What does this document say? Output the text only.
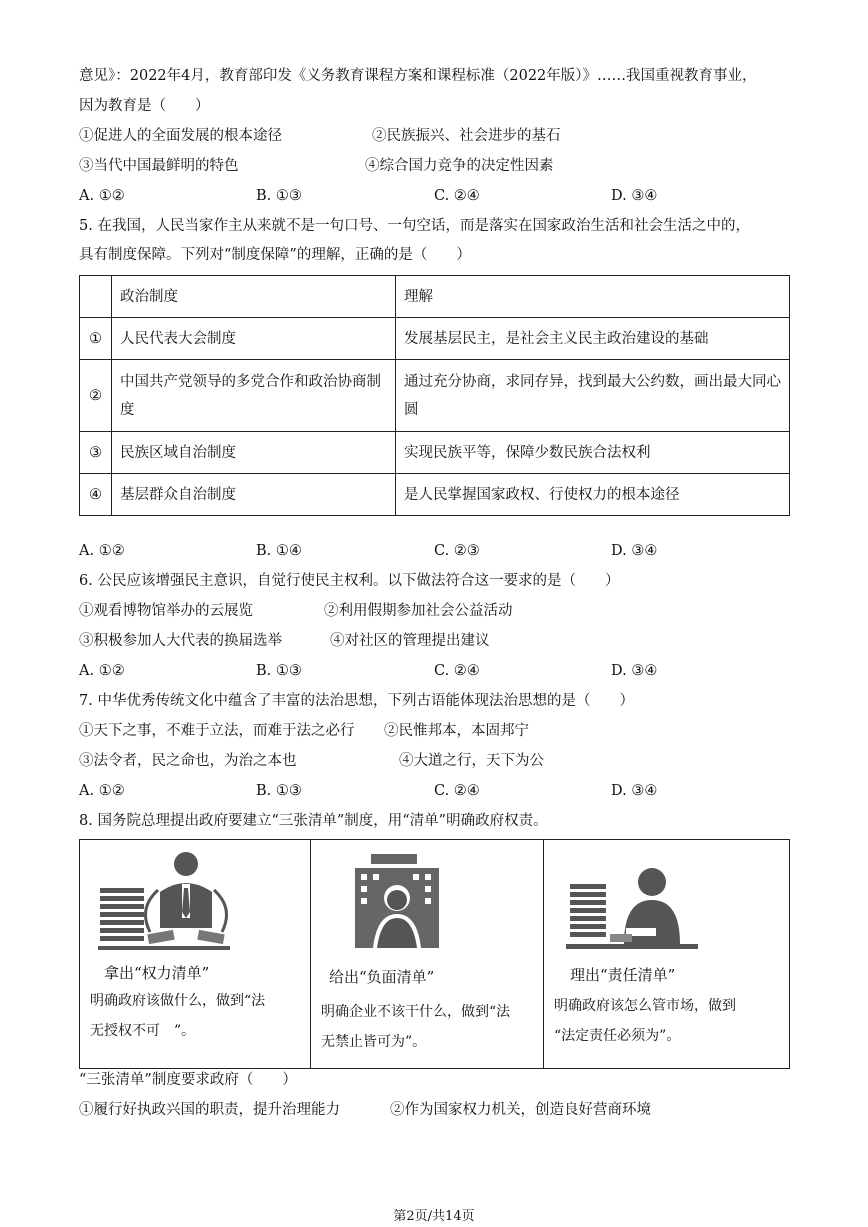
意见》：2022年4月，教育部印发《义务教育课程方案和课程标准（2022年版）》……我国重视教育事业，
因为教育是（　　）
①促进人的全面发展的根本途径	②民族振兴、社会进步的基石
③当代中国最鲜明的特色	④综合国力竞争的决定性因素
A. ①②	B. ①③	C. ②④	D. ③④
5. 在我国，人民当家作主从来就不是一句口号、一句空话，而是落实在国家政治生活和社会生活之中的，
具有制度保障。下列对“制度保障”的理解，正确的是（　　）
	政治制度	理解
①	人民代表大会制度	发展基层民主，是社会主义民主政治建设的基础
②	中国共产党领导的多党合作和政治协商制度	通过充分协商，求同存异，找到最大公约数，画出最大同心圆
③	民族区域自治制度	实现民族平等，保障少数民族合法权利
④	基层群众自治制度	是人民掌握国家政权、行使权力的根本途径
A. ①②	B. ①④	C. ②③	D. ③④
6. 公民应该增强民主意识，自觉行使民主权利。以下做法符合这一要求的是（　　）
①观看博物馆举办的云展览	②利用假期参加社会公益活动
③积极参加人大代表的换届选举	④对社区的管理提出建议
A. ①②	B. ①③	C. ②④	D. ③④
7. 中华优秀传统文化中蕴含了丰富的法治思想，下列古语能体现法治思想的是（　　）
①天下之事，不难于立法，而难于法之必行 ②民惟邦本，本固邦宁
③法令者，民之命也，为治之本也	④大道之行，天下为公
A. ①②	B. ①③	C. ②④	D. ③④
8. 国务院总理提出政府要建立“三张清单”制度，用“清单”明确政府权责。
拿出“权力清单”
明确政府该做什么，做到“法
无授权不可　”。
给出“负面清单”
明确企业不该干什么，做到“法
无禁止皆可为”。
理出“责任清单”
明确政府该怎么管市场，做到
“法定责任必须为”。
“三张清单”制度要求政府（　　）
①履行好执政兴国的职责，提升治理能力	②作为国家权力机关，创造良好营商环境
第2页/共14页
